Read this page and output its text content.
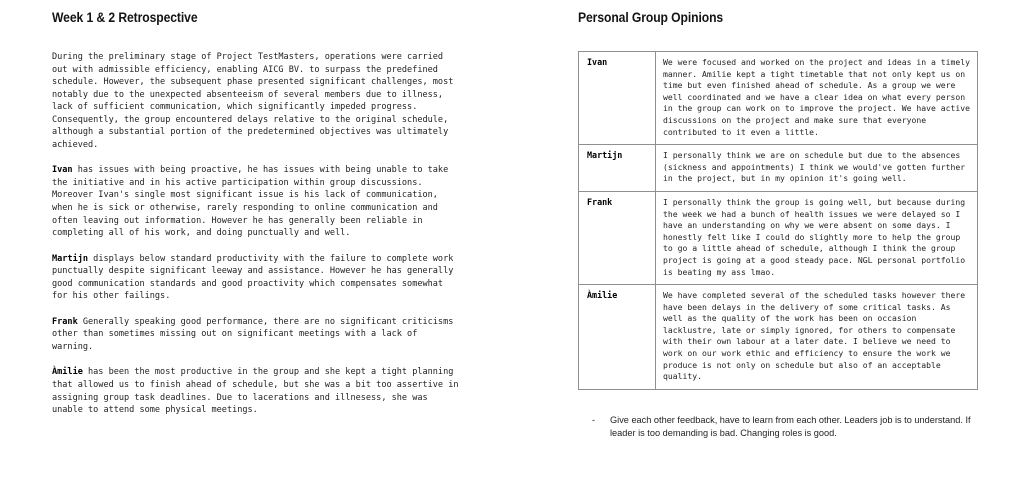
Week 1 & 2 Retrospective
During the preliminary stage of Project TestMasters, operations were carried out with admissible efficiency, enabling AICG BV. to surpass the predefined schedule. However, the subsequent phase presented significant challenges, most notably due to the unexpected absenteeism of several members due to illness, lack of sufficient communication, which significantly impeded progress. Consequently, the group encountered delays relative to the original schedule, although a substantial portion of the predetermined objectives was ultimately achieved.
Ivan has issues with being proactive, he has issues with being unable to take the initiative and in his active participation within group discussions. Moreover Ivan's single most significant issue is his lack of communication, when he is sick or otherwise, rarely responding to online communication and often leaving out information. However he has generally been reliable in completing all of his work, and doing punctually and well.
Martijn displays below standard productivity with the failure to complete work punctually despite significant leeway and assistance. However he has generally good communication standards and good proactivity which compensates somewhat for his other failings.
Frank Generally speaking good performance, there are no significant criticisms other than sometimes missing out on significant meetings with a lack of warning.
Àmilie has been the most productive in the group and she kept a tight planning that allowed us to finish ahead of schedule, but she was a bit too assertive in assigning group task deadlines. Due to lacerations and illnesess, she was unable to attend some physical meetings.
Personal Group Opinions
Ivan	We were focused and worked on the project and ideas in a timely manner. Amilie kept a tight timetable that not only kept us on time but even finished ahead of schedule. As a group we were well coordinated and we have a clear idea on what every person in the group can work on to improve the project. We have active discussions on the project and make sure that everyone contributed to it even a little.
Martijn	I personally think we are on schedule but due to the absences (sickness and appointments) I think we would've gotten further in the project, but in my opinion it's going well.
Frank	I personally think the group is going well, but because during the week we had a bunch of health issues we were delayed so I have an understanding on why we were absent on some days. I honestly felt like I could do slightly more to help the group to go a little ahead of schedule, although I think the group project is going at a good steady pace. NGL personal portfolio is beating my ass lmao.
Àmilie	We have completed several of the scheduled tasks however there have been delays in the delivery of some critical tasks. As well as the quality of the work has been on occasion lacklustre, late or simply ignored, for others to compensate with their own labour at a later date. I believe we need to work on our work ethic and efficiency to ensure the work we produce is not only on schedule but also of an acceptable quality.
- Give each other feedback, have to learn from each other. Leaders job is to understand. If leader is too demanding is bad. Changing roles is good.
